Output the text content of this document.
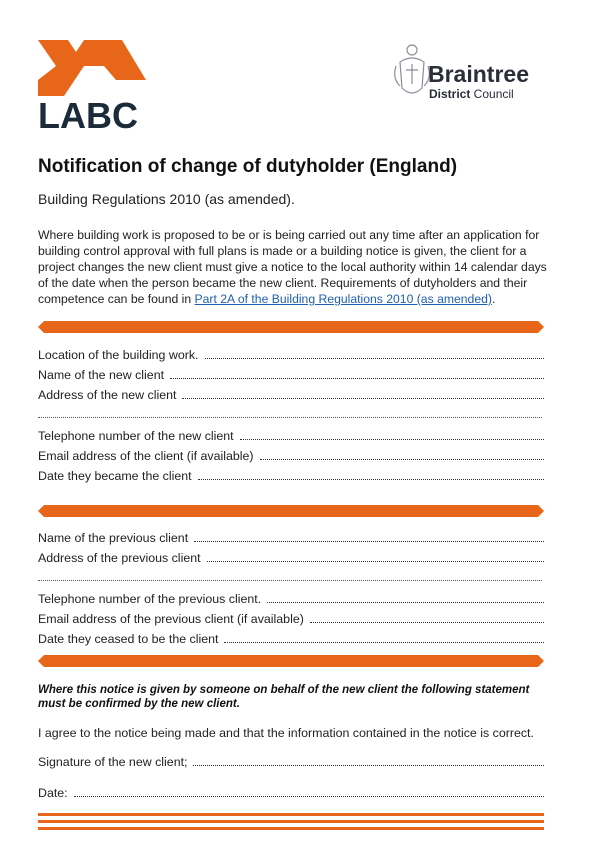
LABC
Braintree
District Council
Notification of change of dutyholder (England)
Building Regulations 2010 (as amended).
Where building work is proposed to be or is being carried out any time after an application for building control approval with full plans is made or a building notice is given, the client for a project changes the new client must give a notice to the local authority within 14 calendar days of the date when the person became the new client. Requirements of dutyholders and their competence can be found in Part 2A of the Building Regulations 2010 (as amended).
Location of the building work.
Name of the new client
Address of the new client
Telephone number of the new client
Email address of the client (if available)
Date they became the client
Name of the previous client
Address of the previous client
Telephone number of the previous client.
Email address of the previous client (if available)
Date they ceased to be the client
Where this notice is given by someone on behalf of the new client the following statement must be confirmed by the new client.
I agree to the notice being made and that the information contained in the notice is correct.
Signature of the new client;
Date:
